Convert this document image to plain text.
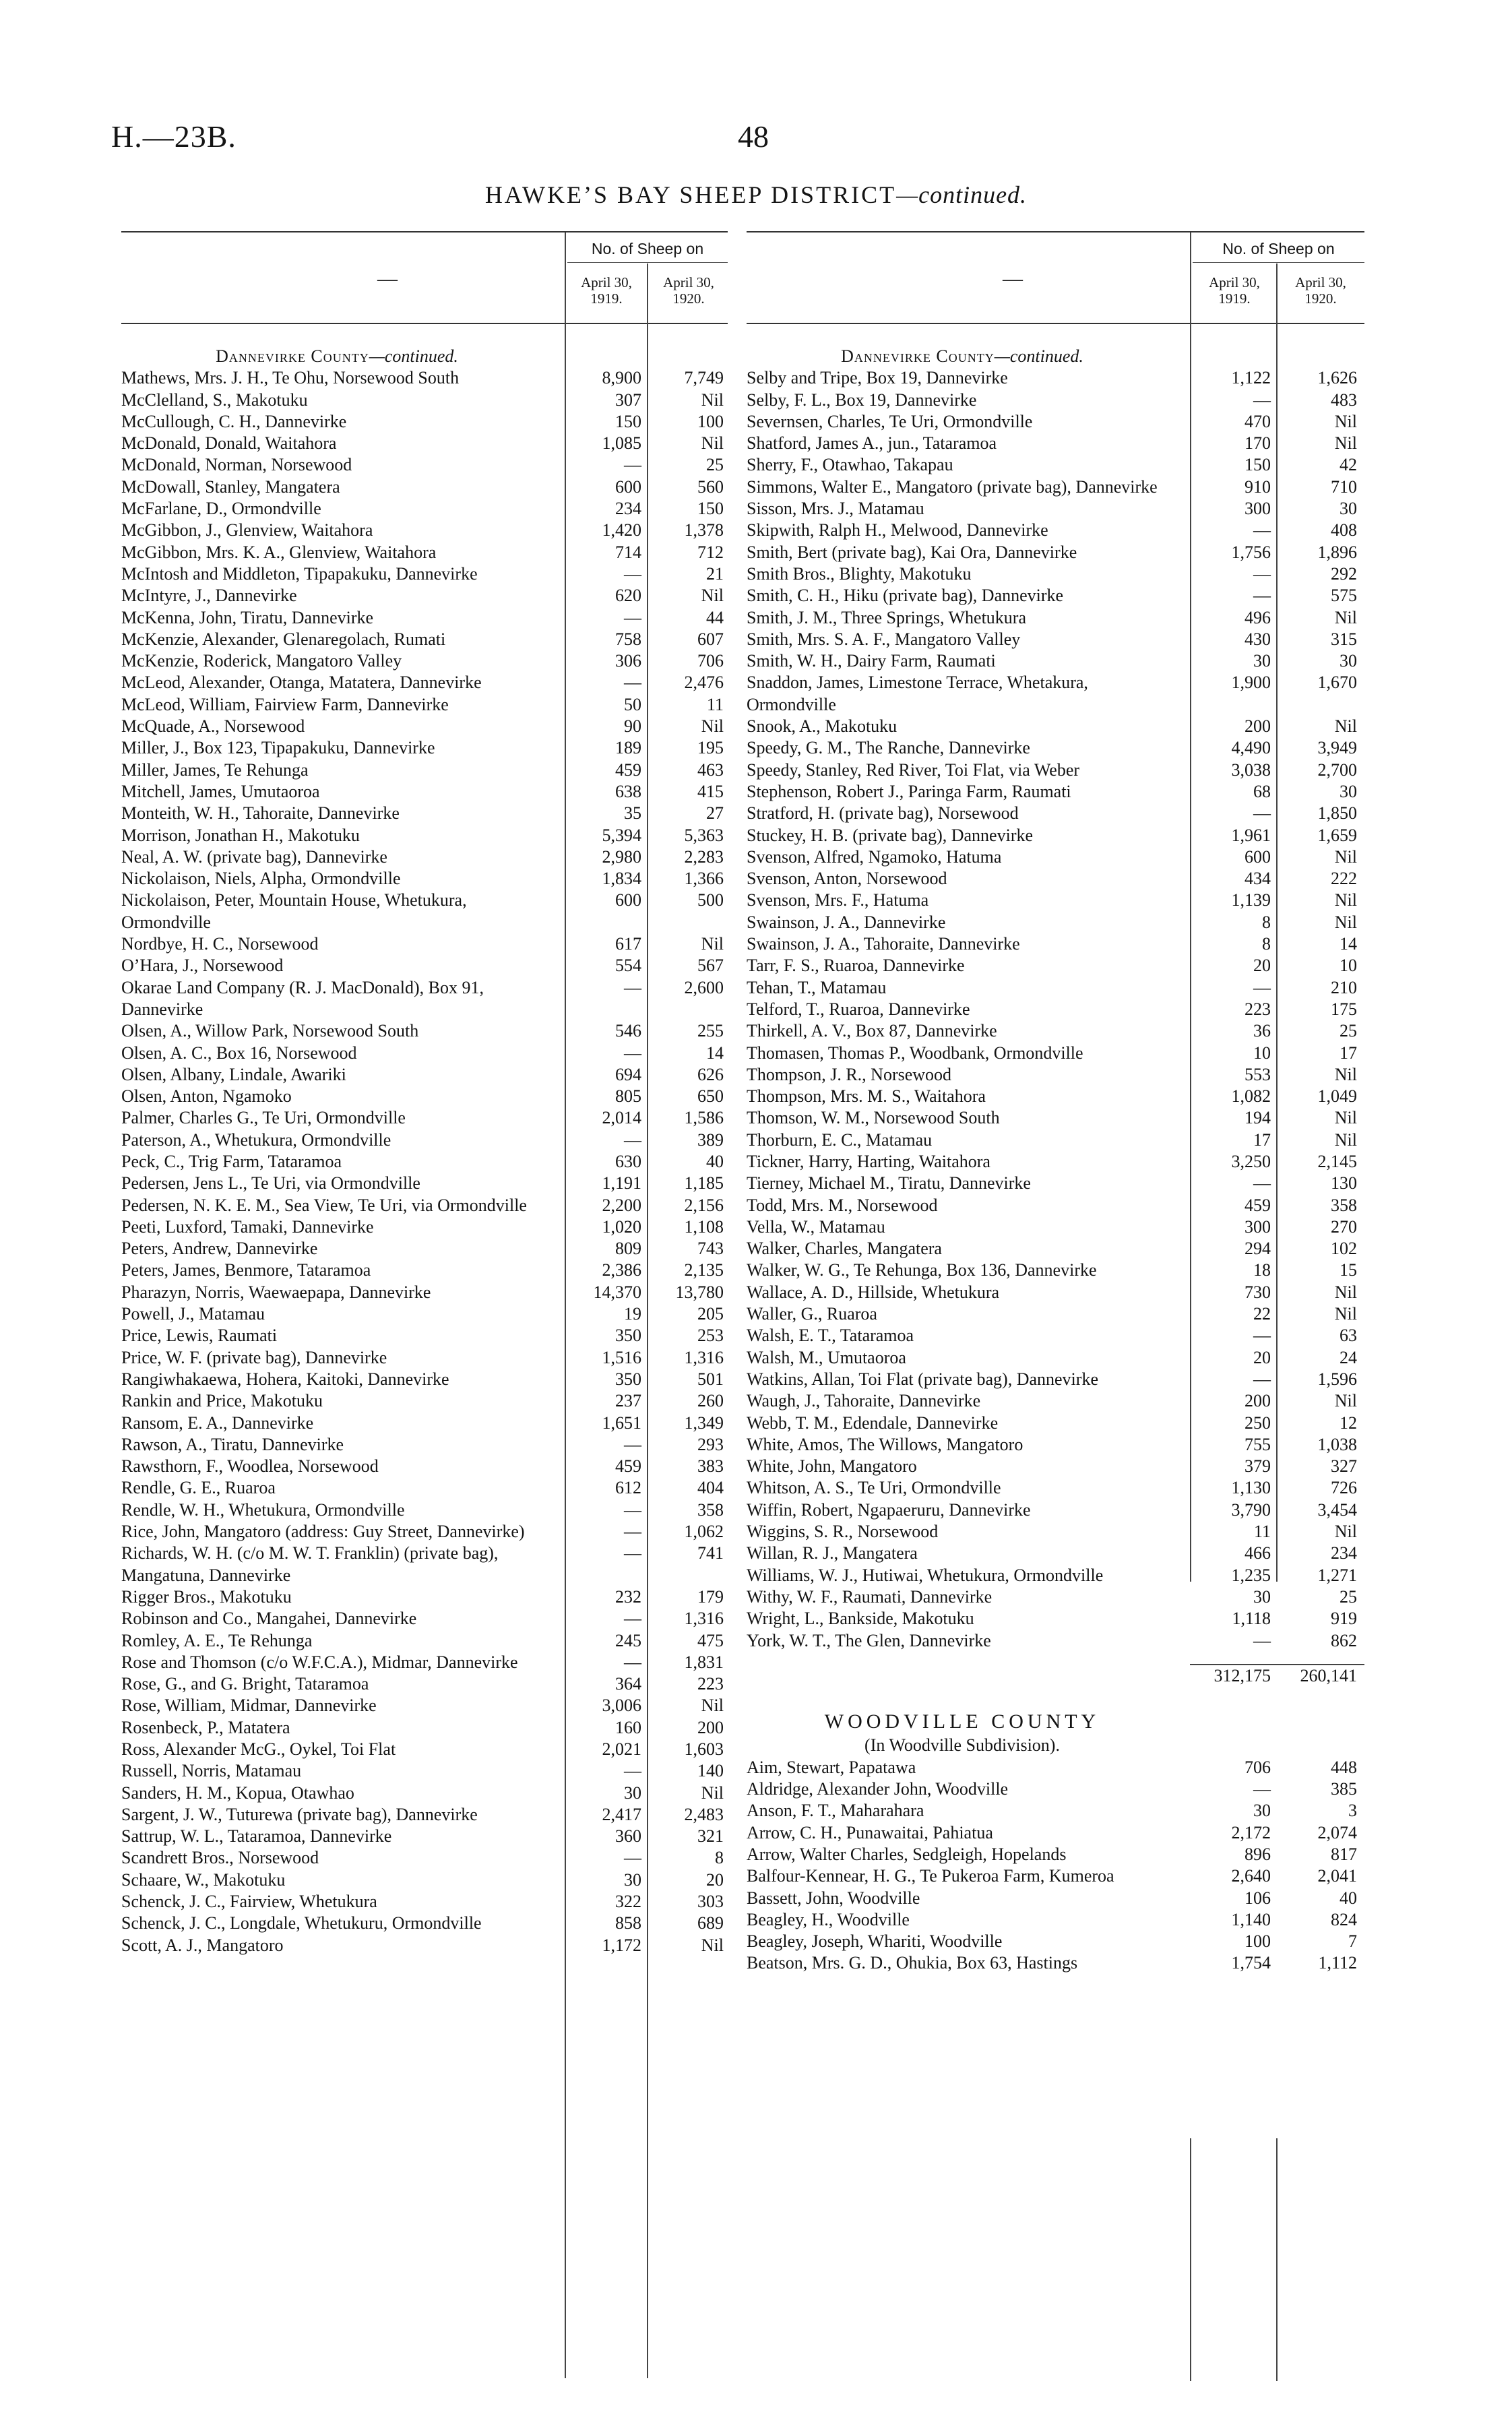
H.—23B.	48
HAWKE’S BAY SHEEP DISTRICT—continued.
—
No. of Sheep on
April 30,
1919.
April 30,
1920.
Dannevirke County—continued.
Mathews, Mrs. J. H., Te Ohu, Norsewood South	8,900	7,749
McClelland, S., Makotuku	307	Nil
McCullough, C. H., Dannevirke	150	100
McDonald, Donald, Waitahora	1,085	Nil
McDonald, Norman, Norsewood	—	25
McDowall, Stanley, Mangatera	600	560
McFarlane, D., Ormondville	234	150
McGibbon, J., Glenview, Waitahora	1,420	1,378
McGibbon, Mrs. K. A., Glenview, Waitahora	714	712
McIntosh and Middleton, Tipapakuku, Dannevirke	—	21
McIntyre, J., Dannevirke	620	Nil
McKenna, John, Tiratu, Dannevirke	—	44
McKenzie, Alexander, Glenaregolach, Rumati	758	607
McKenzie, Roderick, Mangatoro Valley	306	706
McLeod, Alexander, Otanga, Matatera, Dannevirke	—	2,476
McLeod, William, Fairview Farm, Dannevirke	50	11
McQuade, A., Norsewood	90	Nil
Miller, J., Box 123, Tipapakuku, Dannevirke	189	195
Miller, James, Te Rehunga	459	463
Mitchell, James, Umutaoroa	638	415
Monteith, W. H., Tahoraite, Dannevirke	35	27
Morrison, Jonathan H., Makotuku	5,394	5,363
Neal, A. W. (private bag), Dannevirke	2,980	2,283
Nickolaison, Niels, Alpha, Ormondville	1,834	1,366
Nickolaison, Peter, Mountain House, Whetukura, Ormondville
600	500
Nordbye, H. C., Norsewood	617	Nil
O’Hara, J., Norsewood	554	567
Okarae Land Company (R. J. MacDonald), Box 91, Dannevirke
—	2,600
Olsen, A., Willow Park, Norsewood South	546	255
Olsen, A. C., Box 16, Norsewood	—	14
Olsen, Albany, Lindale, Awariki	694	626
Olsen, Anton, Ngamoko	805	650
Palmer, Charles G., Te Uri, Ormondville	2,014	1,586
Paterson, A., Whetukura, Ormondville	—	389
Peck, C., Trig Farm, Tataramoa	630	40
Pedersen, Jens L., Te Uri, via Ormondville	1,191	1,185
Pedersen, N. K. E. M., Sea View, Te Uri, via Ormondville	2,200	2,156
Peeti, Luxford, Tamaki, Dannevirke	1,020	1,108
Peters, Andrew, Dannevirke	809	743
Peters, James, Benmore, Tataramoa	2,386	2,135
Pharazyn, Norris, Waewaepapa, Dannevirke	14,370	13,780
Powell, J., Matamau	19	205
Price, Lewis, Raumati	350	253
Price, W. F. (private bag), Dannevirke	1,516	1,316
Rangiwhakaewa, Hohera, Kaitoki, Dannevirke	350	501
Rankin and Price, Makotuku	237	260
Ransom, E. A., Dannevirke	1,651	1,349
Rawson, A., Tiratu, Dannevirke	—	293
Rawsthorn, F., Woodlea, Norsewood	459	383
Rendle, G. E., Ruaroa	612	404
Rendle, W. H., Whetukura, Ormondville	—	358
Rice, John, Mangatoro (address: Guy Street, Dannevirke)	—	1,062
Richards, W. H. (c/o M. W. T. Franklin) (private bag), Mangatuna, Dannevirke
—	741
Rigger Bros., Makotuku	232	179
Robinson and Co., Mangahei, Dannevirke	—	1,316
Romley, A. E., Te Rehunga	245	475
Rose and Thomson (c/o W.F.C.A.), Midmar, Dannevirke	—	1,831
Rose, G., and G. Bright, Tataramoa	364	223
Rose, William, Midmar, Dannevirke	3,006	Nil
Rosenbeck, P., Matatera	160	200
Ross, Alexander McG., Oykel, Toi Flat	2,021	1,603
Russell, Norris, Matamau	—	140
Sanders, H. M., Kopua, Otawhao	30	Nil
Sargent, J. W., Tuturewa (private bag), Dannevirke	2,417	2,483
Sattrup, W. L., Tataramoa, Dannevirke	360	321
Scandrett Bros., Norsewood	—	8
Schaare, W., Makotuku	30	20
Schenck, J. C., Fairview, Whetukura	322	303
Schenck, J. C., Longdale, Whetukuru, Ormondville	858	689
Scott, A. J., Mangatoro	1,172	Nil
—
No. of Sheep on
April 30,
1919.
April 30,
1920.
Dannevirke County—continued.
Selby and Tripe, Box 19, Dannevirke	1,122	1,626
Selby, F. L., Box 19, Dannevirke	—	483
Severnsen, Charles, Te Uri, Ormondville	470	Nil
Shatford, James A., jun., Tataramoa	170	Nil
Sherry, F., Otawhao, Takapau	150	42
Simmons, Walter E., Mangatoro (private bag), Dannevirke	910	710
Sisson, Mrs. J., Matamau	300	30
Skipwith, Ralph H., Melwood, Dannevirke	—	408
Smith, Bert (private bag), Kai Ora, Dannevirke	1,756	1,896
Smith Bros., Blighty, Makotuku	—	292
Smith, C. H., Hiku (private bag), Dannevirke	—	575
Smith, J. M., Three Springs, Whetukura	496	Nil
Smith, Mrs. S. A. F., Mangatoro Valley	430	315
Smith, W. H., Dairy Farm, Raumati	30	30
Snaddon, James, Limestone Terrace, Whetakura, Ormondville
1,900	1,670
Snook, A., Makotuku	200	Nil
Speedy, G. M., The Ranche, Dannevirke	4,490	3,949
Speedy, Stanley, Red River, Toi Flat, via Weber	3,038	2,700
Stephenson, Robert J., Paringa Farm, Raumati	68	30
Stratford, H. (private bag), Norsewood	—	1,850
Stuckey, H. B. (private bag), Dannevirke	1,961	1,659
Svenson, Alfred, Ngamoko, Hatuma	600	Nil
Svenson, Anton, Norsewood	434	222
Svenson, Mrs. F., Hatuma	1,139	Nil
Swainson, J. A., Dannevirke	8	Nil
Swainson, J. A., Tahoraite, Dannevirke	8	14
Tarr, F. S., Ruaroa, Dannevirke	20	10
Tehan, T., Matamau	—	210
Telford, T., Ruaroa, Dannevirke	223	175
Thirkell, A. V., Box 87, Dannevirke	36	25
Thomasen, Thomas P., Woodbank, Ormondville	10	17
Thompson, J. R., Norsewood	553	Nil
Thompson, Mrs. M. S., Waitahora	1,082	1,049
Thomson, W. M., Norsewood South	194	Nil
Thorburn, E. C., Matamau	17	Nil
Tickner, Harry, Harting, Waitahora	3,250	2,145
Tierney, Michael M., Tiratu, Dannevirke	—	130
Todd, Mrs. M., Norsewood	459	358
Vella, W., Matamau	300	270
Walker, Charles, Mangatera	294	102
Walker, W. G., Te Rehunga, Box 136, Dannevirke	18	15
Wallace, A. D., Hillside, Whetukura	730	Nil
Waller, G., Ruaroa	22	Nil
Walsh, E. T., Tataramoa	—	63
Walsh, M., Umutaoroa	20	24
Watkins, Allan, Toi Flat (private bag), Dannevirke	—	1,596
Waugh, J., Tahoraite, Dannevirke	200	Nil
Webb, T. M., Edendale, Dannevirke	250	12
White, Amos, The Willows, Mangatoro	755	1,038
White, John, Mangatoro	379	327
Whitson, A. S., Te Uri, Ormondville	1,130	726
Wiffin, Robert, Ngapaeruru, Dannevirke	3,790	3,454
Wiggins, S. R., Norsewood	11	Nil
Willan, R. J., Mangatera	466	234
Williams, W. J., Hutiwai, Whetukura, Ormondville	1,235	1,271
Withy, W. F., Raumati, Dannevirke	30	25
Wright, L., Bankside, Makotuku	1,118	919
York, W. T., The Glen, Dannevirke	—	862
312,175	260,141
WOODVILLE COUNTY
(In Woodville Subdivision).
Aim, Stewart, Papatawa	706	448
Aldridge, Alexander John, Woodville	—	385
Anson, F. T., Maharahara	30	3
Arrow, C. H., Punawaitai, Pahiatua	2,172	2,074
Arrow, Walter Charles, Sedgleigh, Hopelands	896	817
Balfour-Kennear, H. G., Te Pukeroa Farm, Kumeroa	2,640	2,041
Bassett, John, Woodville	106	40
Beagley, H., Woodville	1,140	824
Beagley, Joseph, Whariti, Woodville	100	7
Beatson, Mrs. G. D., Ohukia, Box 63, Hastings	1,754	1,112
